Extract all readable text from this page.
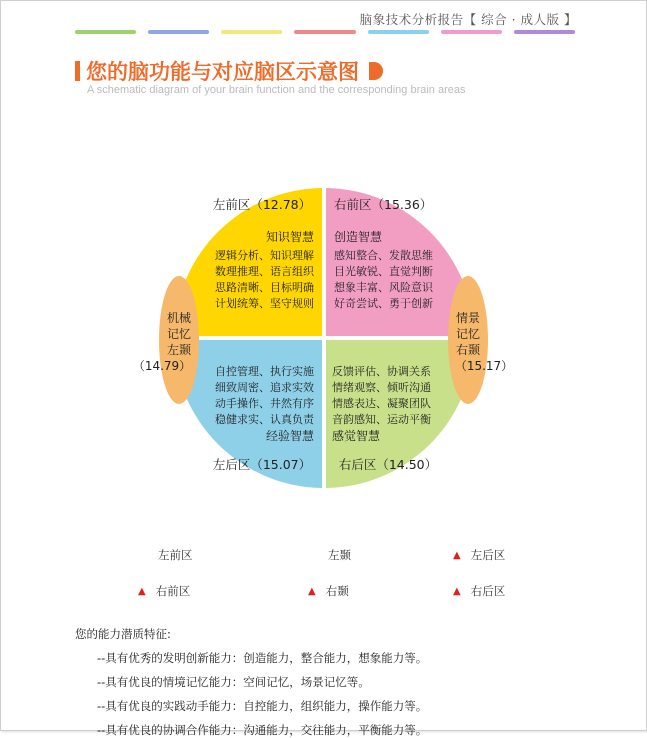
脑象技术分析报告【 综合 · 成人版 】
您的脑功能与对应脑区示意图
A schematic diagram of your brain function and the corresponding brain areas
左前区（12.78）
知识智慧
逻辑分析、知识理解
数理推理、语言组织
思路清晰、目标明确
计划统筹、坚守规则
右前区（15.36）
创造智慧
感知整合、发散思维
目光敏锐、直觉判断
想象丰富、风险意识
好奇尝试、勇于创新
自控管理、执行实施
细致周密、追求实效
动手操作、井然有序
稳健求实、认真负责
经验智慧
左后区（15.07）
反馈评估、协调关系
情绪观察、倾听沟通
情感表达、凝聚团队
音韵感知、运动平衡
感觉智慧
右后区（14.50）
机械
记忆
左颞
（14.79）
情景
记忆
右颞
（15.17）
左前区	左颞	▲ 左后区
▲ 右前区	▲ 右颞	▲ 右后区
您的能力潜质特征:
--具有优秀的发明创新能力：创造能力，整合能力，想象能力等。
--具有优良的情境记忆能力：空间记忆，场景记忆等。
--具有优良的实践动手能力：自控能力，组织能力，操作能力等。
--具有优良的协调合作能力：沟通能力，交往能力，平衡能力等。
